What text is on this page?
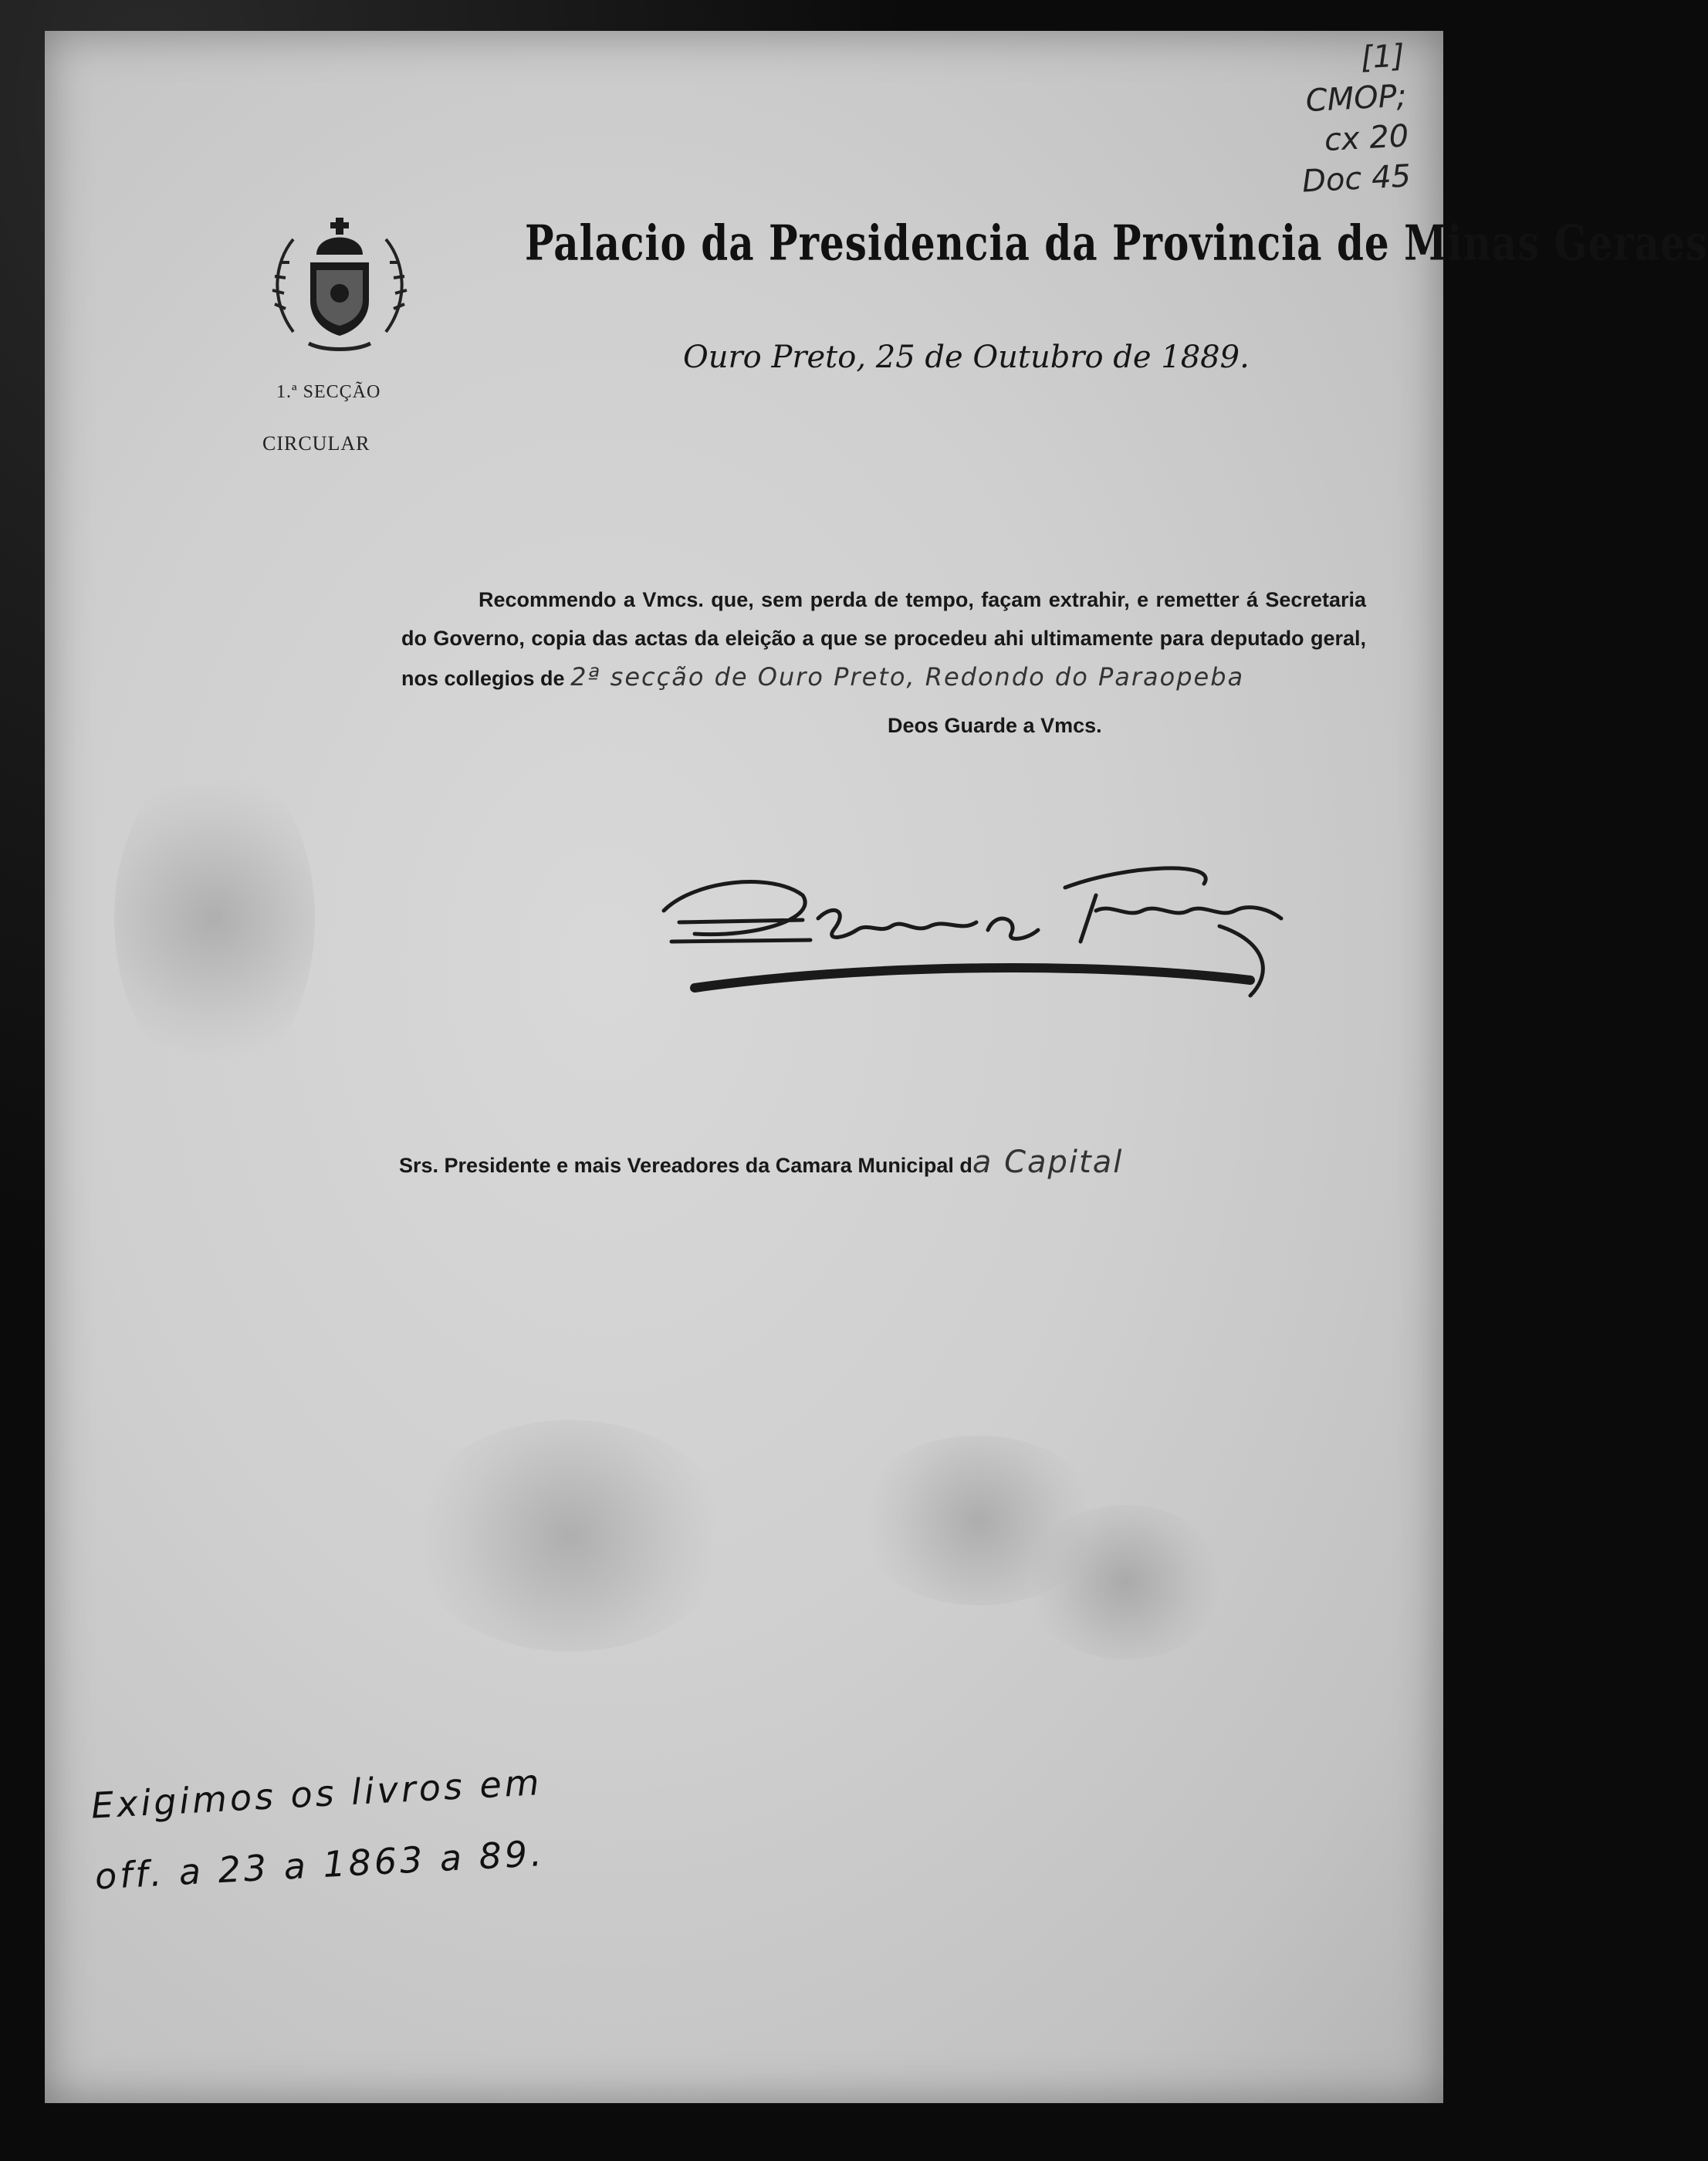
[1]
CMOP;
cx 20
Doc 45
1.ª SECÇÃO
CIRCULAR
Palacio da Presidencia da Provincia de Minas Geraes
Ouro Preto, 25 de Outubro de 1889.
Recommendo a Vmcs. que, sem perda de tempo, façam extrahir, e remetter á Secretaria do Governo, copia das actas da eleição a que se procedeu ahi ultimamente para deputado geral, nos collegios de 2ª secção de Ouro Preto, Redondo do Paraopeba
Deos Guarde a Vmcs.
Srs. Presidente e mais Vereadores da Camara Municipal da Capital
Exigimos os livros em
off. a 23 a 1863 a 89.
